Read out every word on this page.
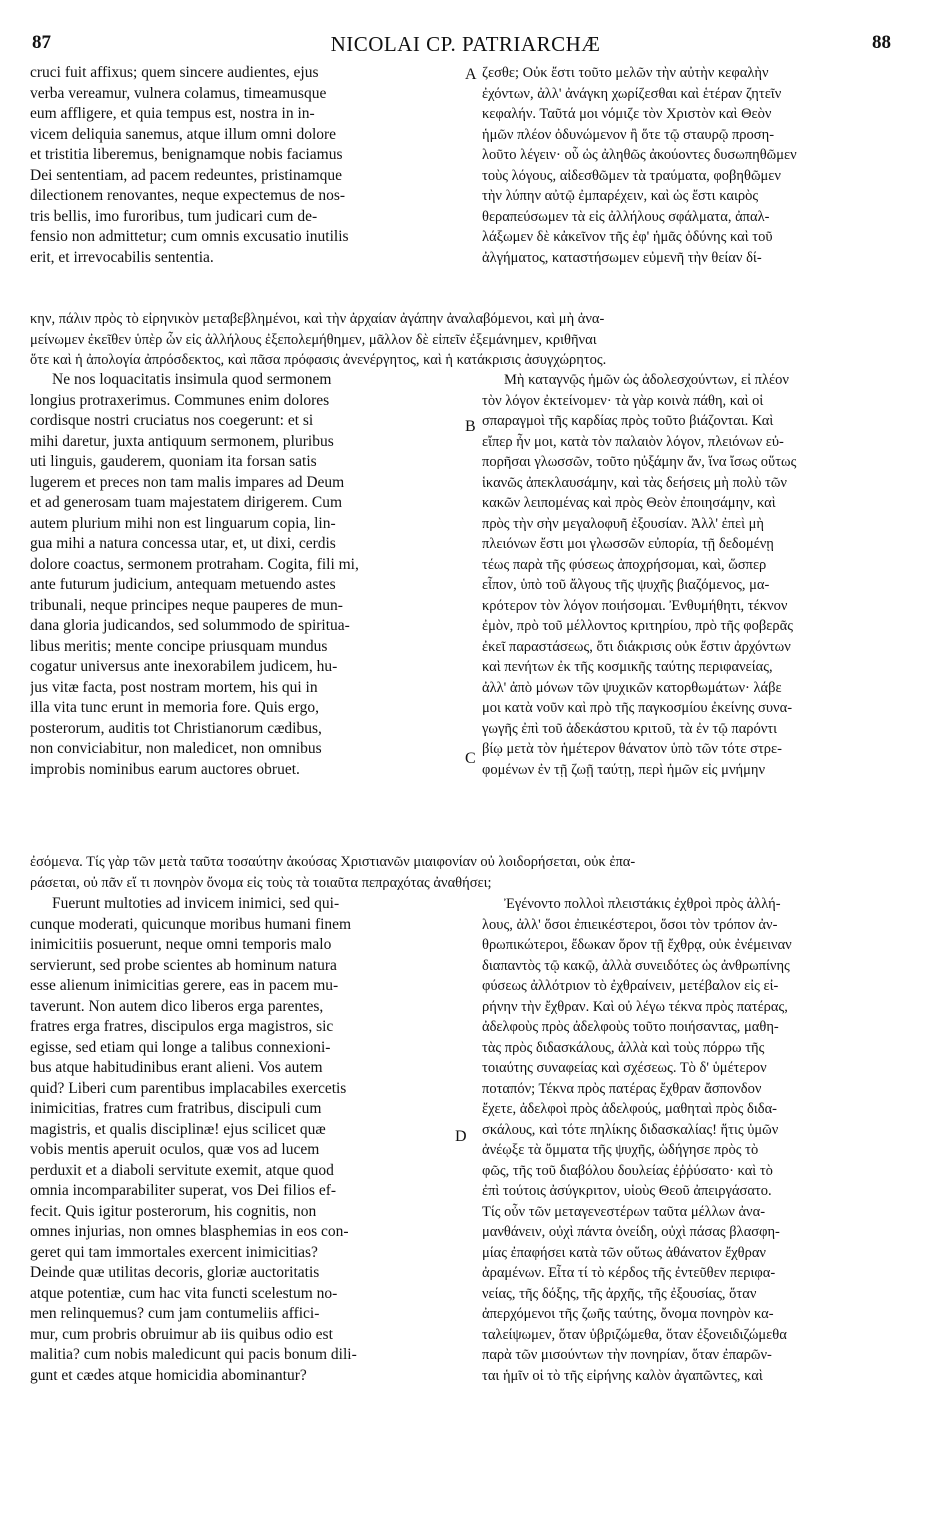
87	NICOLAI CP. PATRIARCHÆ	88
A
B
C
D
cruci fuit affixus; quem sincere audientes, ejus
verba vereamur, vulnera colamus, timeamusque
eum affligere, et quia tempus est, nostra in in-
vicem deliquia sanemus, atque illum omni dolore
et tristitia liberemus, benignamque nobis faciamus
Dei sententiam, ad pacem redeuntes, pristinamque
dilectionem renovantes, neque expectemus de nos-
tris bellis, imo furoribus, tum judicari cum de-
fensio non admittetur; cum omnis excusatio inutilis
erit, et irrevocabilis sententia.
ζεσθε; Οὐκ ἔστι τοῦτο μελῶν τὴν αὐτὴν κεφαλὴν
ἐχόντων, ἀλλ' ἀνάγκη χωρίζεσθαι καὶ ἑτέραν ζητεῖν
κεφαλήν. Ταῦτά μοι νόμιζε τὸν Χριστὸν καὶ Θεὸν
ἡμῶν πλέον ὀδυνώμενον ἢ ὅτε τῷ σταυρῷ προση-
λοῦτο λέγειν· οὗ ὡς ἀληθῶς ἀκούοντες δυσωπηθῶμεν
τοὺς λόγους, αἰδεσθῶμεν τὰ τραύματα, φοβηθῶμεν
τὴν λύπην αὐτῷ ἐμπαρέχειν, καὶ ὡς ἔστι καιρὸς
θεραπεύσωμεν τὰ εἰς ἀλλήλους σφάλματα, ἀπαλ-
λάξωμεν δὲ κἀκεῖνον τῆς ἐφ' ἡμᾶς ὀδύνης καὶ τοῦ
ἀλγήματος, καταστήσωμεν εὐμενῆ τὴν θείαν δί-
κην, πάλιν πρὸς τὸ εἰρηνικὸν μεταβεβλημένοι, καὶ τὴν ἀρχαίαν ἀγάπην ἀναλαβόμενοι, καὶ μὴ ἀνα-
μείνωμεν ἐκεῖθεν ὑπὲρ ὧν εἰς ἀλλήλους ἐξεπολεμήθημεν, μᾶλλον δὲ εἰπεῖν ἐξεμάνημεν, κριθῆναι
ὅτε καὶ ἡ ἀπολογία ἀπρόσδεκτος, καὶ πᾶσα πρόφασις ἀνενέργητος, καὶ ἡ κατάκρισις ἀσυγχώρητος.
Ne nos loquacitatis insimula quod sermonem
longius protraxerimus. Communes enim dolores
cordisque nostri cruciatus nos coegerunt: et si
mihi daretur, juxta antiquum sermonem, pluribus
uti linguis, gauderem, quoniam ita forsan satis
lugerem et preces non tam malis impares ad Deum
et ad generosam tuam majestatem dirigerem. Cum
autem plurium mihi non est linguarum copia, lin-
gua mihi a natura concessa utar, et, ut dixi, cerdis
dolore coactus, sermonem protraham. Cogita, fili mi,
ante futurum judicium, antequam metuendo astes
tribunali, neque principes neque pauperes de mun-
dana gloria judicandos, sed solummodo de spiritua-
libus meritis; mente concipe priusquam mundus
cogatur universus ante inexorabilem judicem, hu-
jus vitæ facta, post nostram mortem, his qui in
illa vita tunc erunt in memoria fore. Quis ergo,
posterorum, auditis tot Christianorum cædibus,
non conviciabitur, non maledicet, non omnibus
improbis nominibus earum auctores obruet.
Μὴ καταγνῷς ἡμῶν ὡς ἀδολεσχούντων, εἰ πλέον
τὸν λόγον ἐκτείνομεν· τὰ γὰρ κοινὰ πάθη, καὶ οἱ
σπαραγμοὶ τῆς καρδίας πρὸς τοῦτο βιάζονται. Καὶ
εἴπερ ἦν μοι, κατὰ τὸν παλαιὸν λόγον, πλειόνων εὐ-
πορῆσαι γλωσσῶν, τοῦτο ηὐξάμην ἄν, ἵνα ἴσως οὕτως
ἱκανῶς ἀπεκλαυσάμην, καὶ τὰς δεήσεις μὴ πολὺ τῶν
κακῶν λειπομένας καὶ πρὸς Θεὸν ἐποιησάμην, καὶ
πρὸς τὴν σὴν μεγαλοφυῆ ἐξουσίαν. Ἀλλ' ἐπεὶ μὴ
πλειόνων ἔστι μοι γλωσσῶν εὐπορία, τῇ δεδομένῃ
τέως παρὰ τῆς φύσεως ἀποχρήσομαι, καὶ, ὥσπερ
εἶπον, ὑπὸ τοῦ ἄλγους τῆς ψυχῆς βιαζόμενος, μα-
κρότερον τὸν λόγον ποιήσομαι. Ἐνθυμήθητι, τέκνον
ἐμὸν, πρὸ τοῦ μέλλοντος κριτηρίου, πρὸ τῆς φοβερᾶς
ἐκεῖ παραστάσεως, ὅτι διάκρισις οὐκ ἔστιν ἀρχόντων
καὶ πενήτων ἐκ τῆς κοσμικῆς ταύτης περιφανείας,
ἀλλ' ἀπὸ μόνων τῶν ψυχικῶν κατορθωμάτων· λάβε
μοι κατὰ νοῦν καὶ πρὸ τῆς παγκοσμίου ἐκείνης συνα-
γωγῆς ἐπὶ τοῦ ἀδεκάστου κριτοῦ, τὰ ἐν τῷ παρόντι
βίῳ μετὰ τὸν ἡμέτερον θάνατον ὑπὸ τῶν τότε στρε-
φομένων ἐν τῇ ζωῇ ταύτῃ, περὶ ἡμῶν εἰς μνήμην
ἐσόμενα. Τίς γὰρ τῶν μετὰ ταῦτα τοσαύτην ἀκούσας Χριστιανῶν μιαιφονίαν οὐ λοιδορήσεται, οὐκ ἐπα-
ράσεται, οὐ πᾶν εἴ τι πονηρὸν ὄνομα εἰς τοὺς τὰ τοιαῦτα πεπραχότας ἀναθήσει;
Fuerunt multoties ad invicem inimici, sed qui-
cunque moderati, quicunque moribus humani finem
inimicitiis posuerunt, neque omni temporis malo
servierunt, sed probe scientes ab hominum natura
esse alienum inimicitias gerere, eas in pacem mu-
taverunt. Non autem dico liberos erga parentes,
fratres erga fratres, discipulos erga magistros, sic
egisse, sed etiam qui longe a talibus connexioni-
bus atque habitudinibus erant alieni. Vos autem
quid? Liberi cum parentibus implacabiles exercetis
inimicitias, fratres cum fratribus, discipuli cum
magistris, et qualis disciplinæ! ejus scilicet quæ
vobis mentis aperuit oculos, quæ vos ad lucem
perduxit et a diaboli servitute exemit, atque quod
omnia incomparabiliter superat, vos Dei filios ef-
fecit. Quis igitur posterorum, his cognitis, non
omnes injurias, non omnes blasphemias in eos con-
geret qui tam immortales exercent inimicitias?
Deinde quæ utilitas decoris, gloriæ auctoritatis
atque potentiæ, cum hac vita functi scelestum no-
men relinquemus? cum jam contumeliis affici-
mur, cum probris obruimur ab iis quibus odio est
malitia? cum nobis maledicunt qui pacis bonum dili-
gunt et cædes atque homicidia abominantur?
Ἐγένοντο πολλοὶ πλειστάκις ἐχθροὶ πρὸς ἀλλή-
λους, ἀλλ' ὅσοι ἐπιεικέστεροι, ὅσοι τὸν τρόπον ἀν-
θρωπικώτεροι, ἔδωκαν ὅρον τῇ ἔχθρᾳ, οὐκ ἐνέμειναν
διαπαντὸς τῷ κακῷ, ἀλλὰ συνειδότες ὡς ἀνθρωπίνης
φύσεως ἀλλότριον τὸ ἐχθραίνειν, μετέβαλον εἰς εἰ-
ρήνην τὴν ἔχθραν. Καὶ οὐ λέγω τέκνα πρὸς πατέρας,
ἀδελφοὺς πρὸς ἀδελφοὺς τοῦτο ποιήσαντας, μαθη-
τὰς πρὸς διδασκάλους, ἀλλὰ καὶ τοὺς πόρρω τῆς
τοιαύτης συναφείας καὶ σχέσεως. Τὸ δ' ὑμέτερον
ποταπόν; Τέκνα πρὸς πατέρας ἔχθραν ἄσπονδον
ἔχετε, ἀδελφοὶ πρὸς ἀδελφούς, μαθηταὶ πρὸς διδα-
σκάλους, καὶ τότε πηλίκης διδασκαλίας! ἥτις ὑμῶν
ἀνέῳξε τὰ ὄμματα τῆς ψυχῆς, ὡδήγησε πρὸς τὸ
φῶς, τῆς τοῦ διαβόλου δουλείας ἐῤῥύσατο· καὶ τὸ
ἐπὶ τούτοις ἀσύγκριτον, υἱοὺς Θεοῦ ἀπειργάσατο.
Τίς οὖν τῶν μεταγενεστέρων ταῦτα μέλλων ἀνα-
μανθάνειν, οὐχὶ πάντα ὀνείδη, οὐχὶ πάσας βλασφη-
μίας ἐπαφήσει κατὰ τῶν οὕτως ἀθάνατον ἔχθραν
ἀραμένων. Εἶτα τί τὸ κέρδος τῆς ἐντεῦθεν περιφα-
νείας, τῆς δόξης, τῆς ἀρχῆς, τῆς ἐξουσίας, ὅταν
ἀπερχόμενοι τῆς ζωῆς ταύτης, ὄνομα πονηρὸν κα-
ταλείψωμεν, ὅταν ὑβριζώμεθα, ὅταν ἐξονειδιζώμεθα
παρὰ τῶν μισούντων τὴν πονηρίαν, ὅταν ἐπαρῶν-
ται ἡμῖν οἱ τὸ τῆς εἰρήνης καλὸν ἀγαπῶντες, καὶ
